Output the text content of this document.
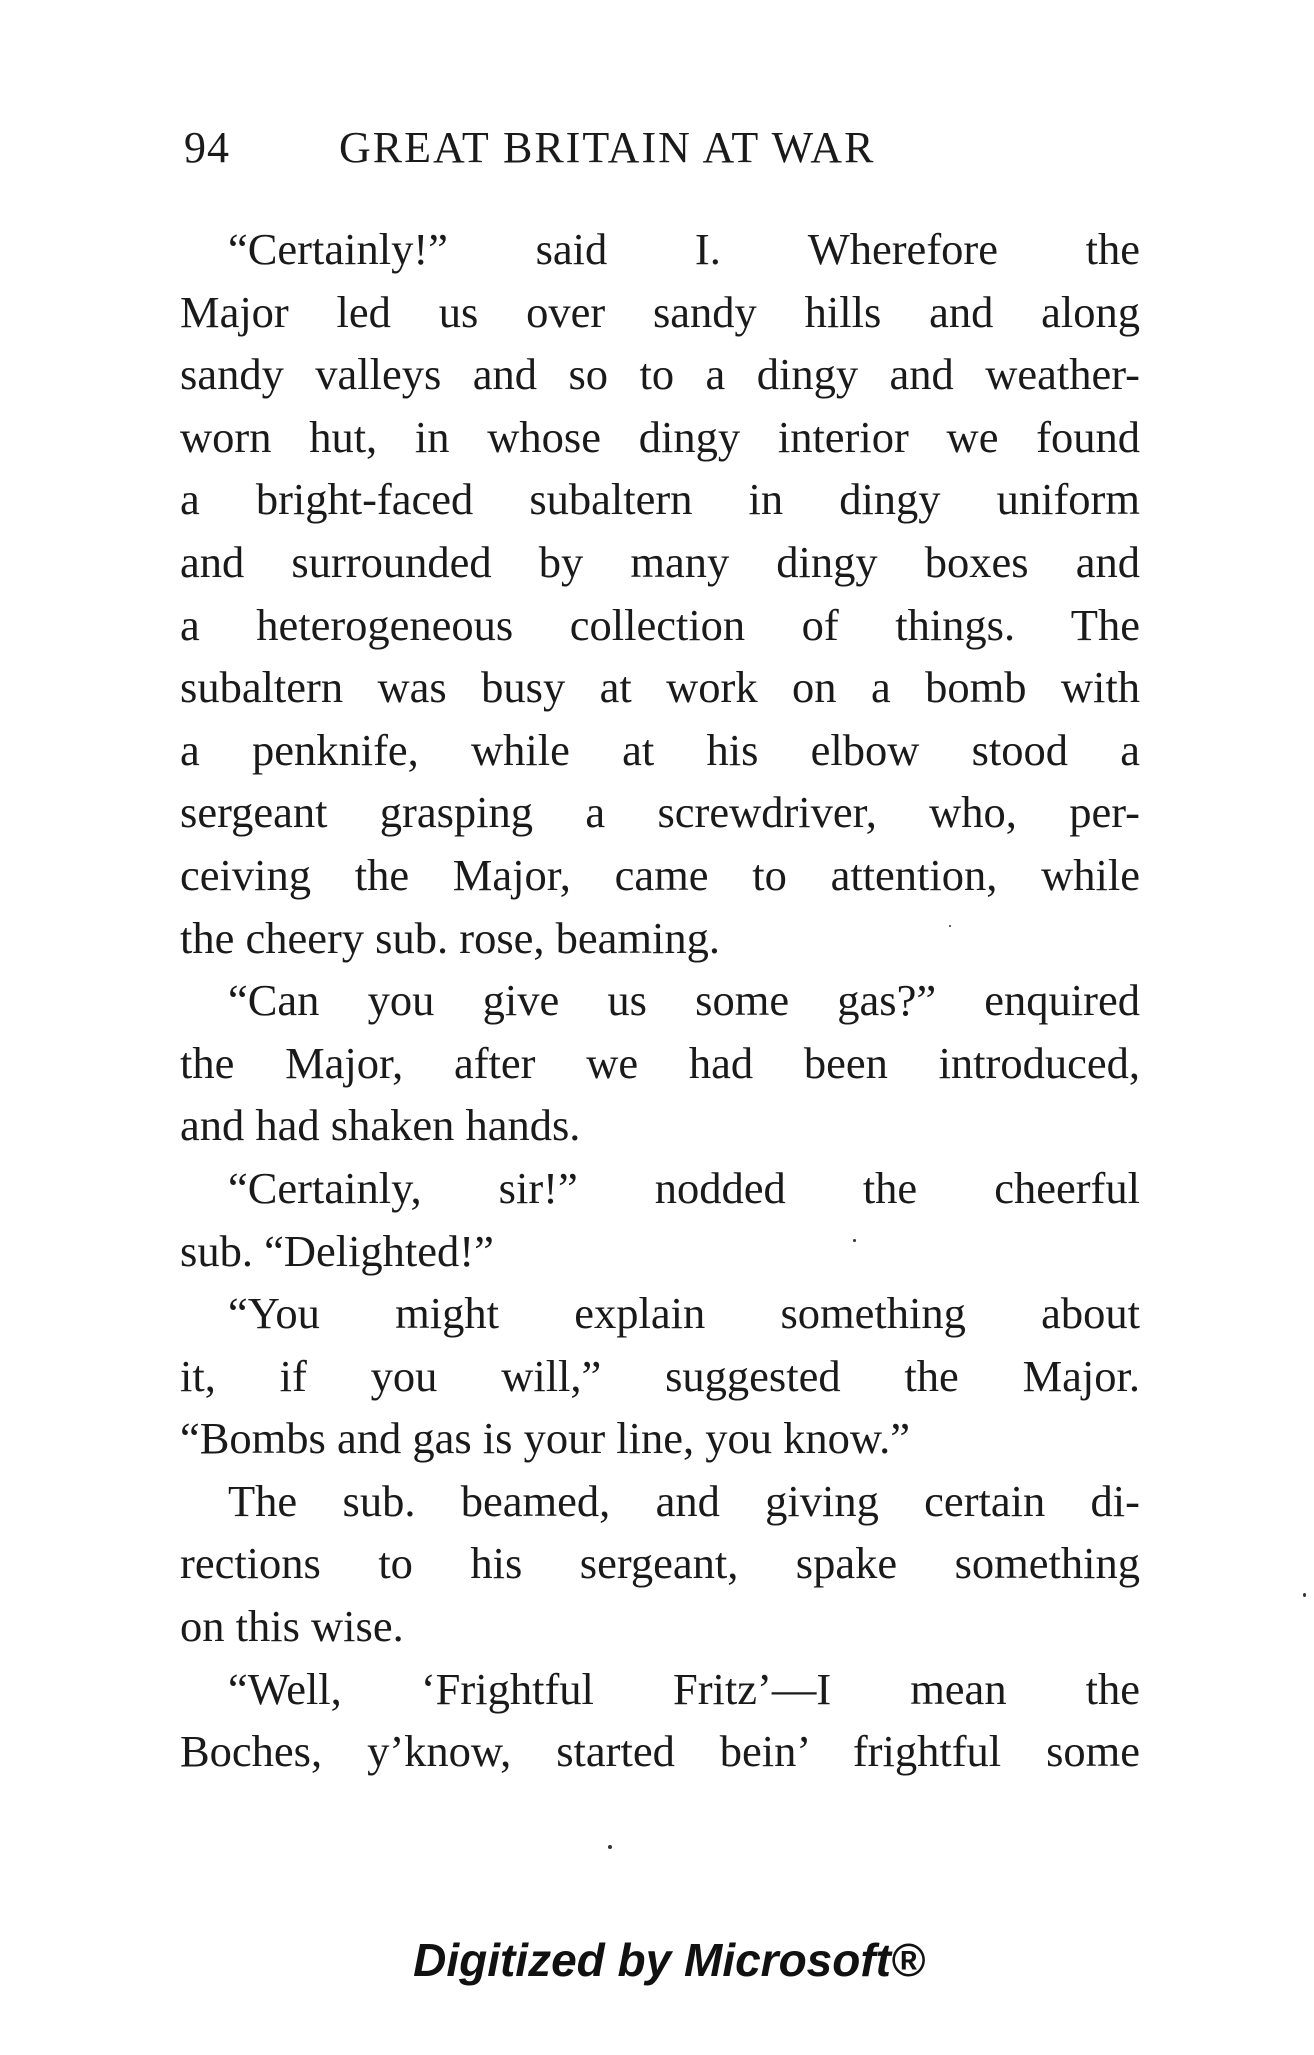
94 GREAT BRITAIN AT WAR
“Certainly!” said I. Wherefore the
Major led us over sandy hills and along
sandy valleys and so to a dingy and weather-
worn hut, in whose dingy interior we found
a bright-faced subaltern in dingy uniform
and surrounded by many dingy boxes and
a heterogeneous collection of things. The
subaltern was busy at work on a bomb with
a penknife, while at his elbow stood a
sergeant grasping a screwdriver, who, per-
ceiving the Major, came to attention, while
the cheery sub. rose, beaming.
“Can you give us some gas?” enquired
the Major, after we had been introduced,
and had shaken hands.
“Certainly, sir!” nodded the cheerful
sub. “Delighted!”
“You might explain something about
it, if you will,” suggested the Major.
“Bombs and gas is your line, you know.”
The sub. beamed, and giving certain di-
rections to his sergeant, spake something
on this wise.
“Well, ‘Frightful Fritz’—I mean the
Boches, y’know, started bein’ frightful some
Digitized by Microsoft®
